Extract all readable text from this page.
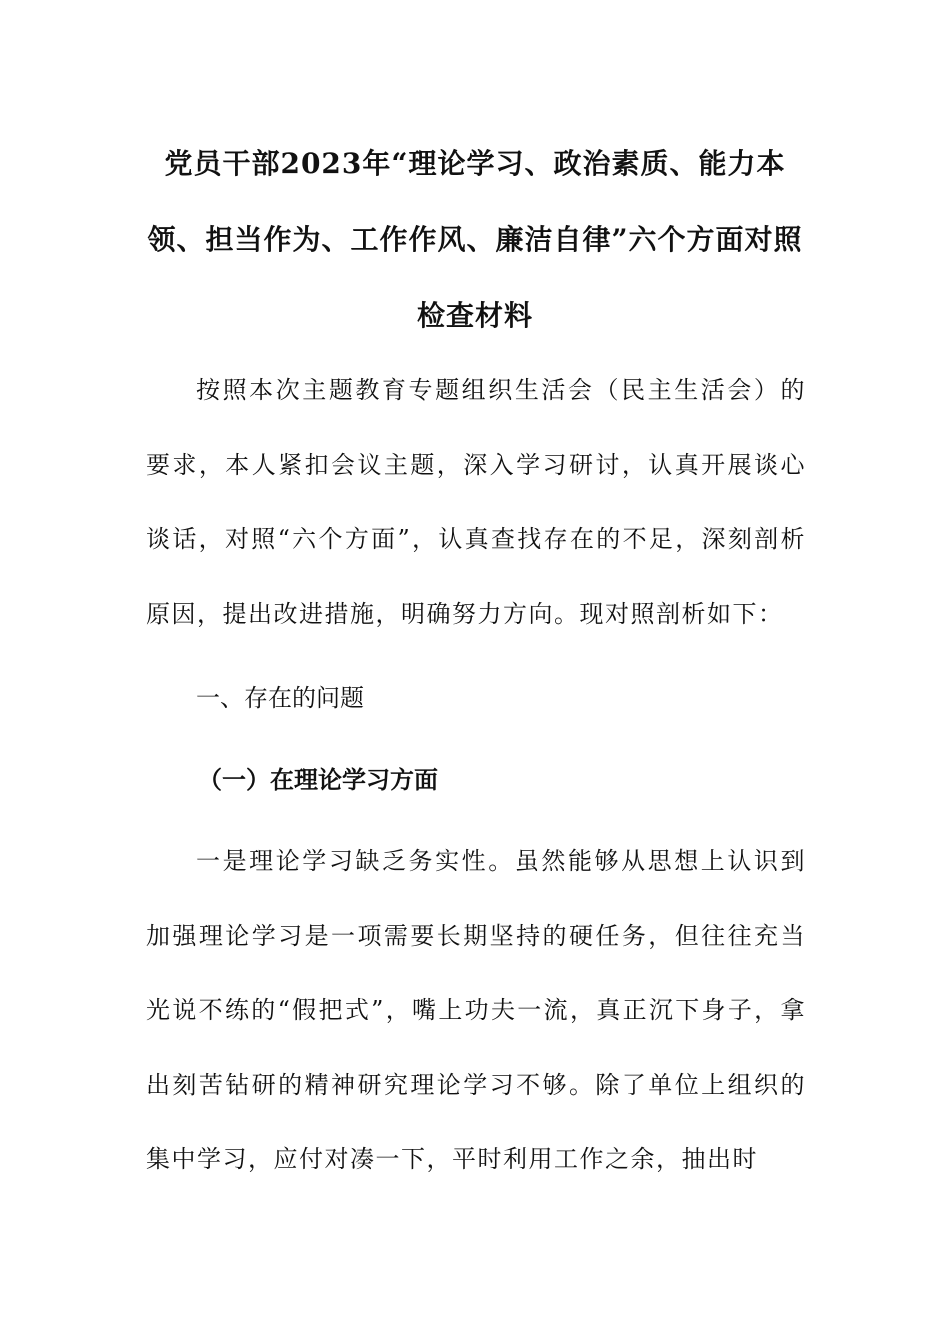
党员干部2023年“理论学习、政治素质、能力本领、担当作为、工作作风、廉洁自律”六个方面对照检查材料

按照本次主题教育专题组织生活会（民主生活会）的要求，本人紧扣会议主题，深入学习研讨，认真开展谈心谈话，对照“六个方面”，认真查找存在的不足，深刻剖析原因，提出改进措施，明确努力方向。现对照剖析如下：

一、存在的问题
（一）在理论学习方面

一是理论学习缺乏务实性。虽然能够从思想上认识到加强理论学习是一项需要长期坚持的硬任务，但往往充当光说不练的“假把式”，嘴上功夫一流，真正沉下身子，拿出刻苦钻研的精神研究理论学习不够。除了单位上组织的集中学习，应付对凑一下，平时利用工作之余，抽出时
